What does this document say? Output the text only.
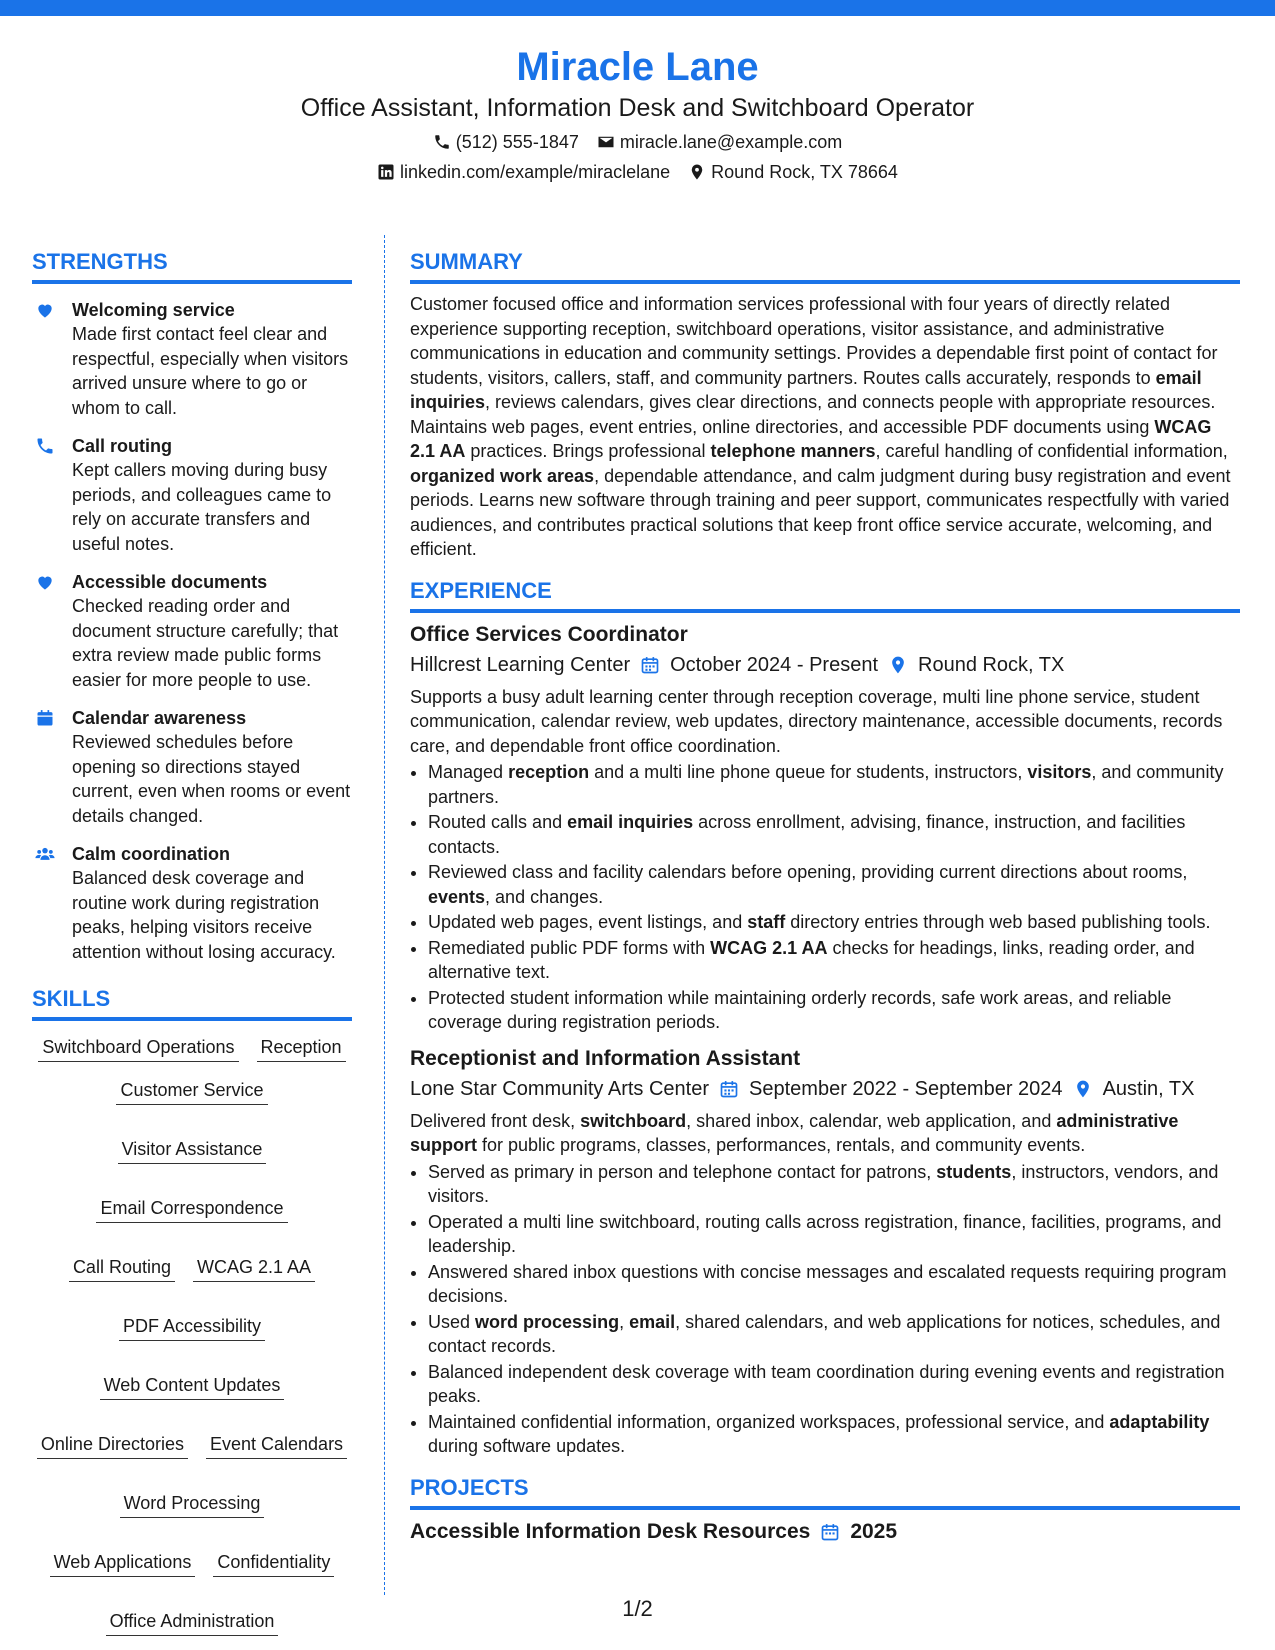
Miracle Lane
Office Assistant, Information Desk and Switchboard Operator
(512) 555-1847 miracle.lane@example.com
linkedin.com/example/miraclelane Round Rock, TX 78664
STRENGTHS
Welcoming service
Made first contact feel clear and respectful, especially when visitors arrived unsure where to go or whom to call.
Call routing
Kept callers moving during busy periods, and colleagues came to rely on accurate transfers and useful notes.
Accessible documents
Checked reading order and document structure carefully; that extra review made public forms easier for more people to use.
Calendar awareness
Reviewed schedules before opening so directions stayed current, even when rooms or event details changed.
Calm coordination
Balanced desk coverage and routine work during registration peaks, helping visitors receive attention without losing accuracy.
SKILLS
Switchboard Operations Reception
Customer Service
Visitor Assistance
Email Correspondence
Call Routing WCAG 2.1 AA
PDF Accessibility
Web Content Updates
Online Directories Event Calendars
Word Processing
Web Applications Confidentiality
Office Administration
SUMMARY
Customer focused office and information services professional with four years of directly related experience supporting reception, switchboard operations, visitor assistance, and administrative communications in education and community settings. Provides a dependable first point of contact for students, visitors, callers, staff, and community partners. Routes calls accurately, responds to email inquiries, reviews calendars, gives clear directions, and connects people with appropriate resources. Maintains web pages, event entries, online directories, and accessible PDF documents using WCAG 2.1 AA practices. Brings professional telephone manners, careful handling of confidential information, organized work areas, dependable attendance, and calm judgment during busy registration and event periods. Learns new software through training and peer support, communicates respectfully with varied audiences, and contributes practical solutions that keep front office service accurate, welcoming, and efficient.
EXPERIENCE
Office Services Coordinator
Hillcrest Learning Center October 2024 - Present Round Rock, TX
Supports a busy adult learning center through reception coverage, multi line phone service, student communication, calendar review, web updates, directory maintenance, accessible documents, records care, and dependable front office coordination.
• Managed reception and a multi line phone queue for students, instructors, visitors, and community partners.
• Routed calls and email inquiries across enrollment, advising, finance, instruction, and facilities contacts.
• Reviewed class and facility calendars before opening, providing current directions about rooms, events, and changes.
• Updated web pages, event listings, and staff directory entries through web based publishing tools.
• Remediated public PDF forms with WCAG 2.1 AA checks for headings, links, reading order, and alternative text.
• Protected student information while maintaining orderly records, safe work areas, and reliable coverage during registration periods.
Receptionist and Information Assistant
Lone Star Community Arts Center September 2022 - September 2024 Austin, TX
Delivered front desk, switchboard, shared inbox, calendar, web application, and administrative support for public programs, classes, performances, rentals, and community events.
• Served as primary in person and telephone contact for patrons, students, instructors, vendors, and visitors.
• Operated a multi line switchboard, routing calls across registration, finance, facilities, programs, and leadership.
• Answered shared inbox questions with concise messages and escalated requests requiring program decisions.
• Used word processing, email, shared calendars, and web applications for notices, schedules, and contact records.
• Balanced independent desk coverage with team coordination during evening events and registration peaks.
• Maintained confidential information, organized workspaces, professional service, and adaptability during software updates.
PROJECTS
Accessible Information Desk Resources 2025
1/2
